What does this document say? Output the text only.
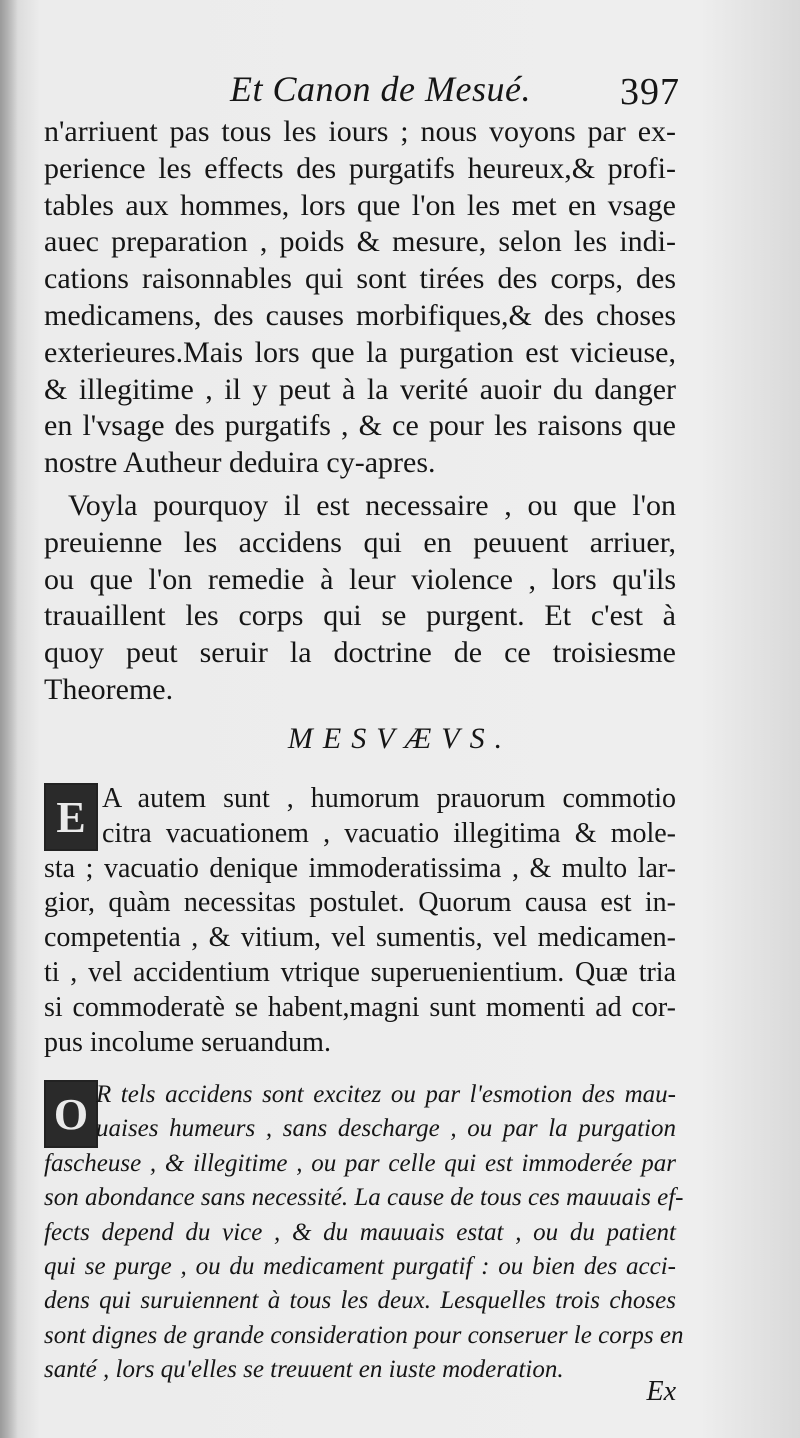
Et Canon de Mesué. 397
n'arriuent pas tous les iours ; nous voyons par ex-
perience les effects des purgatifs heureux,& profi-
tables aux hommes, lors que l'on les met en vsage
auec preparation , poids & mesure, selon les indi-
cations raisonnables qui sont tirées des corps, des
medicamens, des causes morbifiques,& des choses
exterieures.Mais lors que la purgation est vicieuse,
& illegitime , il y peut à la verité auoir du danger
en l'vsage des purgatifs , & ce pour les raisons que
nostre Autheur deduira cy-apres.
Voyla pourquoy il est necessaire , ou que l'on
preuienne les accidens qui en peuuent arriuer,
ou que l'on remedie à leur violence , lors qu'ils
trauaillent les corps qui se purgent. Et c'est à
quoy peut seruir la doctrine de ce troisiesme
Theoreme.
MESVÆVS.
E A autem sunt , humorum prauorum commotio
citra vacuationem , vacuatio illegitima & mole-
sta ; vacuatio denique immoderatissima , & multo lar-
gior, quàm necessitas postulet. Quorum causa est in-
competentia , & vitium, vel sumentis, vel medicamen-
ti , vel accidentium vtrique superuenientium. Quæ tria
si commoderatè se habent,magni sunt momenti ad cor-
pus incolume seruandum.
O R tels accidens sont excitez ou par l'esmotion des mau-
uaises humeurs , sans descharge , ou par la purgation
fascheuse , & illegitime , ou par celle qui est immoderée par
son abondance sans necessité. La cause de tous ces mauuais ef-
fects depend du vice , & du mauuais estat , ou du patient
qui se purge , ou du medicament purgatif : ou bien des acci-
dens qui suruiennent à tous les deux. Lesquelles trois choses
sont dignes de grande consideration pour conseruer le corps en
santé , lors qu'elles se treuuent en iuste moderation.
Ex
